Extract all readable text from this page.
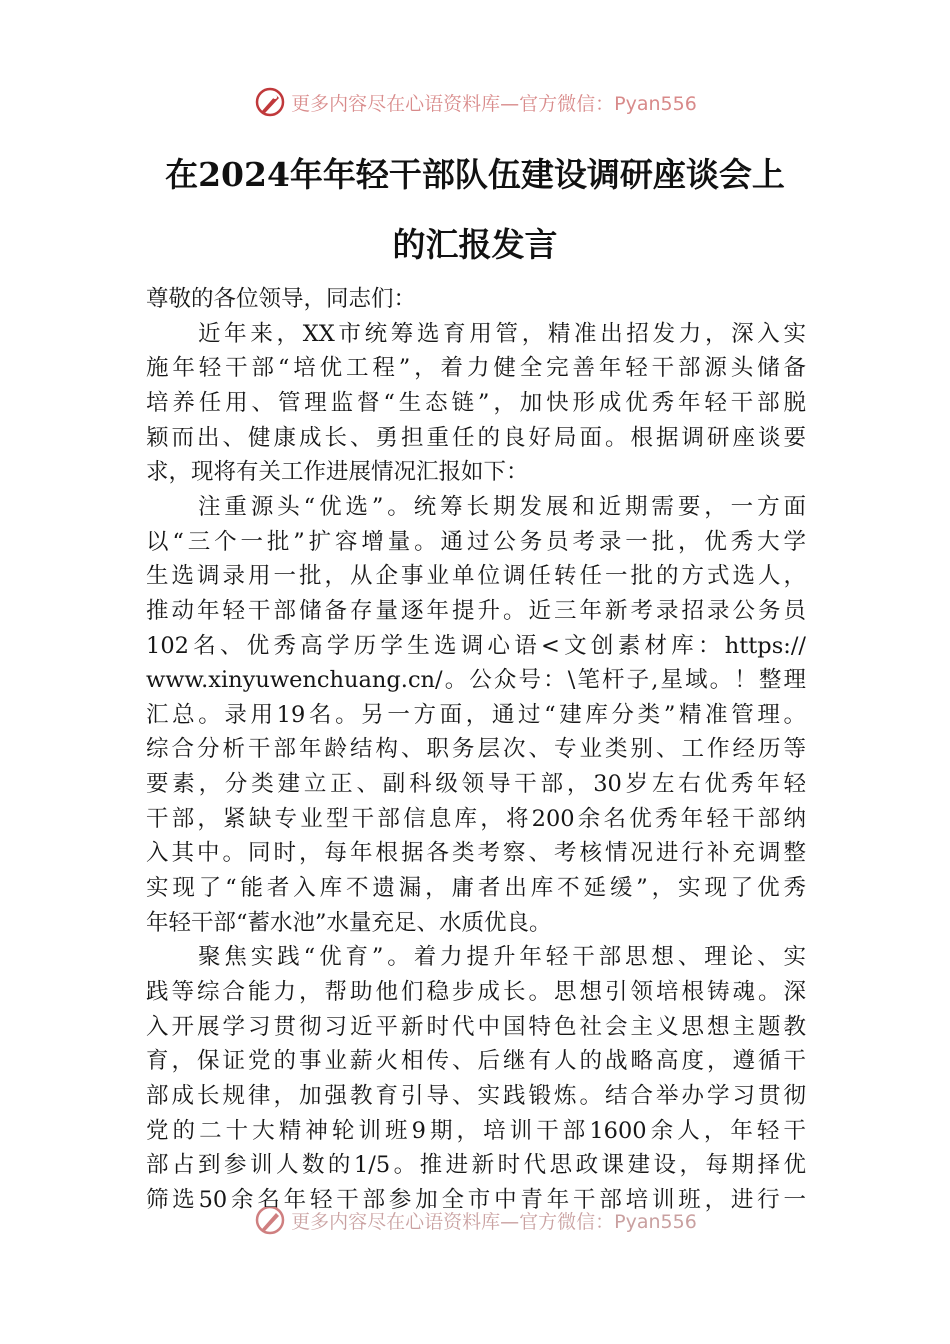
更多内容尽在心语资料库—官方微信：Pyan556
在2024年年轻干部队伍建设调研座谈会上
的汇报发言
尊敬的各位领导，同志们：
近年来，XX市统筹选育用管，精准出招发力，深入实
施年轻干部“培优工程”，着力健全完善年轻干部源头储备
培养任用、管理监督“生态链”，加快形成优秀年轻干部脱
颖而出、健康成长、勇担重任的良好局面。根据调研座谈要
求，现将有关工作进展情况汇报如下：
注重源头“优选”。统筹长期发展和近期需要，一方面
以“三个一批”扩容增量。通过公务员考录一批，优秀大学
生选调录用一批，从企事业单位调任转任一批的方式选人，
推动年轻干部储备存量逐年提升。近三年新考录招录公务员
102名、优秀高学历学生选调心语<文创素材库：https://
www.xinyuwenchuang.cn/。公众号：\笔杆子,星域。！整理
汇总。录用19名。另一方面，通过“建库分类”精准管理。
综合分析干部年龄结构、职务层次、专业类别、工作经历等
要素，分类建立正、副科级领导干部，30岁左右优秀年轻
干部，紧缺专业型干部信息库，将200余名优秀年轻干部纳
入其中。同时，每年根据各类考察、考核情况进行补充调整
实现了“能者入库不遗漏，庸者出库不延缓”，实现了优秀
年轻干部“蓄水池”水量充足、水质优良。
聚焦实践“优育”。着力提升年轻干部思想、理论、实
践等综合能力，帮助他们稳步成长。思想引领培根铸魂。深
入开展学习贯彻习近平新时代中国特色社会主义思想主题教
育，保证党的事业薪火相传、后继有人的战略高度，遵循干
部成长规律，加强教育引导、实践锻炼。结合举办学习贯彻
党的二十大精神轮训班9期，培训干部1600余人，年轻干
部占到参训人数的1/5。推进新时代思政课建设，每期择优
筛选50余名年轻干部参加全市中青年干部培训班，进行一
更多内容尽在心语资料库—官方微信：Pyan556
